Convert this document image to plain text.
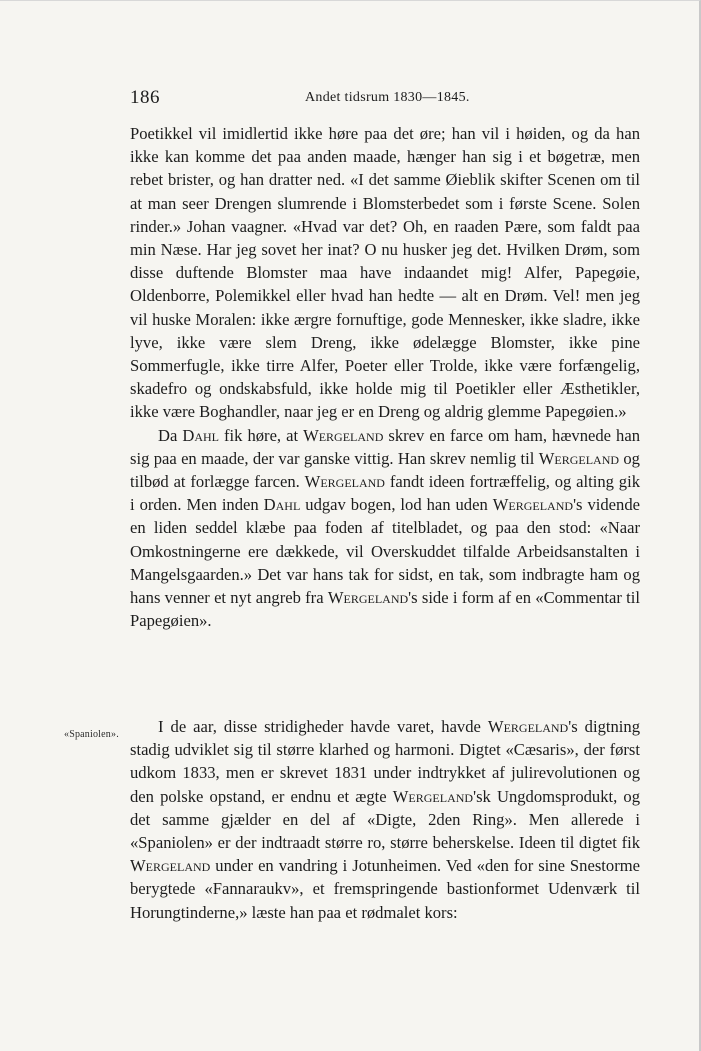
186	Andet tidsrum 1830—1845.

Poetikkel vil imidlertid ikke høre paa det øre; han vil i høiden, og da han ikke kan komme det paa anden maade, hænger han sig i et bøgetræ, men rebet brister, og han dratter ned. «I det samme Øieblik skifter Scenen om til at man seer Drengen slumrende i Blomsterbedet som i første Scene. Solen rinder.» Johan vaagner. «Hvad var det? Oh, en raaden Pære, som faldt paa min Næse. Har jeg sovet her inat? O nu husker jeg det. Hvilken Drøm, som disse duftende Blomster maa have indaandet mig! Alfer, Papegøie, Oldenborre, Polemikkel eller hvad han hedte — alt en Drøm. Vel! men jeg vil huske Moralen: ikke ærgre fornuftige, gode Mennesker, ikke sladre, ikke lyve, ikke være slem Dreng, ikke ødelægge Blomster, ikke pine Sommerfugle, ikke tirre Alfer, Poeter eller Trolde, ikke være forfængelig, skadefro og ondskabsfuld, ikke holde mig til Poetikler eller Æsthetikler, ikke være Boghandler, naar jeg er en Dreng og aldrig glemme Papegøien.»

Da Dahl fik høre, at Wergeland skrev en farce om ham, hævnede han sig paa en maade, der var ganske vittig. Han skrev nemlig til Wergeland og tilbød at forlægge farcen. Wergeland fandt ideen fortræffelig, og alting gik i orden. Men inden Dahl udgav bogen, lod han uden Wergeland's vidende en liden seddel klæbe paa foden af titelbladet, og paa den stod: «Naar Omkostningerne ere dækkede, vil Overskuddet tilfalde Arbeidsanstalten i Mangelsgaarden.» Det var hans tak for sidst, en tak, som indbragte ham og hans venner et nyt angreb fra Wergeland's side i form af en «Commentar til Papegøien».

«Spaniolen».	I de aar, disse stridigheder havde varet, havde Wergeland's digtning stadig udviklet sig til større klarhed og harmoni. Digtet «Cæsaris», der først udkom 1833, men er skrevet 1831 under indtrykket af julirevolutionen og den polske opstand, er endnu et ægte Wergeland'sk Ungdomsprodukt, og det samme gjælder en del af «Digte, 2den Ring». Men allerede i «Spaniolen» er der indtraadt større ro, større beherskelse. Ideen til digtet fik Wergeland under en vandring i Jotunheimen. Ved «den for sine Snestorme berygtede «Fannaraukv», et fremspringende bastionformet Udenværk til Horungtinderne,» læste han paa et rødmalet kors:
